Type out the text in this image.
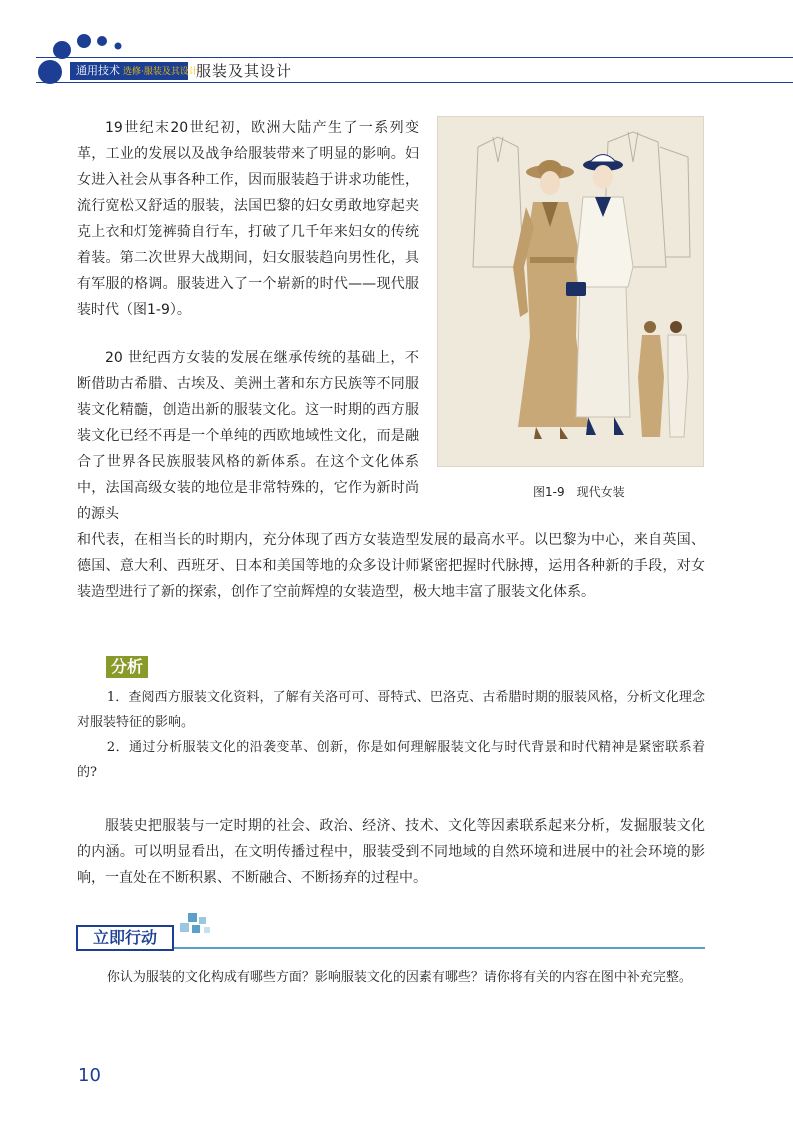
通用技术 选修·服装及其设计
服装及其设计

19世纪末20世纪初，欧洲大陆产生了一系列变革，工业的发展以及战争给服装带来了明显的影响。妇女进入社会从事各种工作，因而服装趋于讲求功能性，流行宽松又舒适的服装，法国巴黎的妇女勇敢地穿起夹克上衣和灯笼裤骑自行车，打破了几千年来妇女的传统着装。第二次世界大战期间，妇女服装趋向男性化，具有军服的格调。服装进入了一个崭新的时代——现代服装时代（图1-9）。

20 世纪西方女装的发展在继承传统的基础上，不断借助古希腊、古埃及、美洲土著和东方民族等不同服装文化精髓，创造出新的服装文化。这一时期的西方服装文化已经不再是一个单纯的西欧地域性文化，而是融合了世界各民族服装风格的新体系。在这个文化体系中，法国高级女装的地位是非常特殊的，它作为新时尚的源头

和代表，在相当长的时期内，充分体现了西方女装造型发展的最高水平。以巴黎为中心，来自英国、德国、意大利、西班牙、日本和美国等地的众多设计师紧密把握时代脉搏，运用各种新的手段，对女装造型进行了新的探索，创作了空前辉煌的女装造型，极大地丰富了服装文化体系。

图1-9　现代女装
分析

1．查阅西方服装文化资料，了解有关洛可可、哥特式、巴洛克、古希腊时期的服装风格，分析文化理念对服装特征的影响。

2．通过分析服装文化的沿袭变革、创新，你是如何理解服装文化与时代背景和时代精神是紧密联系着的?

服装史把服装与一定时期的社会、政治、经济、技术、文化等因素联系起来分析，发掘服装文化的内涵。可以明显看出，在文明传播过程中，服装受到不同地域的自然环境和进展中的社会环境的影响，一直处在不断积累、不断融合、不断扬弃的过程中。

立即行动

你认为服装的文化构成有哪些方面？影响服装文化的因素有哪些？请你将有关的内容在图中补充完整。

10
